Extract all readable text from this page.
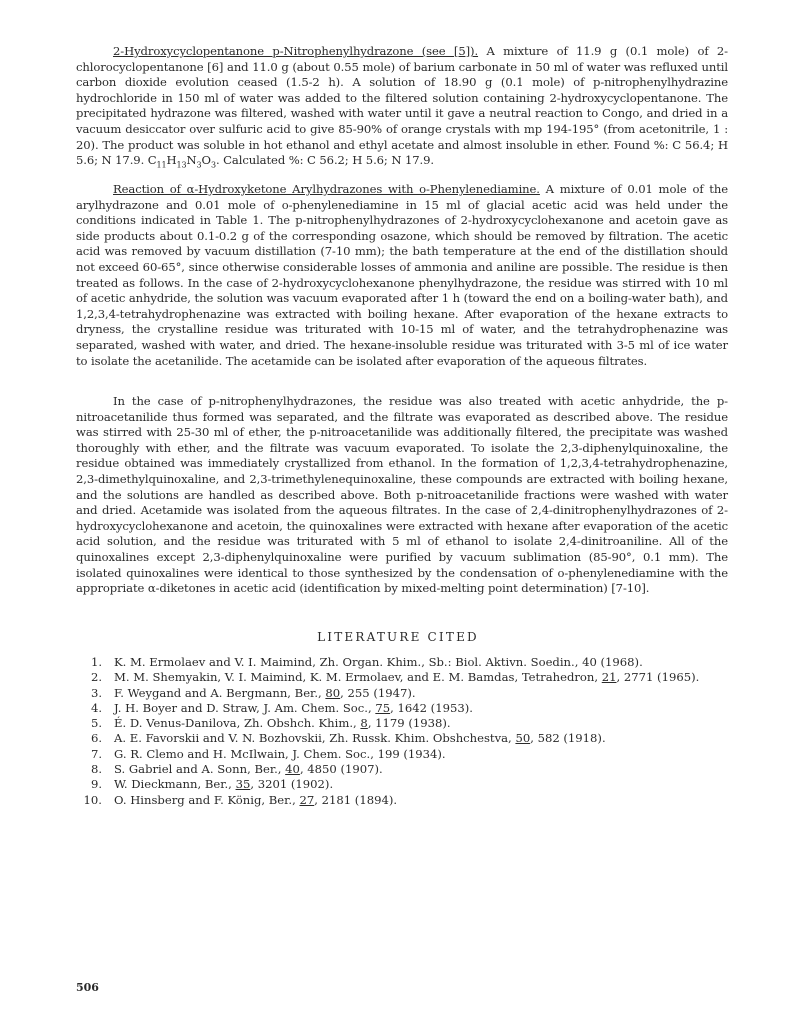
2-Hydroxycyclopentanone p-Nitrophenylhydrazone (see [5]). A mixture of 11.9 g (0.1 mole) of 2-chlorocyclopentanone [6] and 11.0 g (about 0.55 mole) of barium carbonate in 50 ml of water was refluxed until carbon dioxide evolution ceased (1.5-2 h). A solution of 18.90 g (0.1 mole) of p-nitrophenylhydrazine hydrochloride in 150 ml of water was added to the filtered solution containing 2-hydroxycyclopentanone. The precipitated hydrazone was filtered, washed with water until it gave a neutral reaction to Congo, and dried in a vacuum desiccator over sulfuric acid to give 85-90% of orange crystals with mp 194-195° (from acetonitrile, 1 : 20). The product was soluble in hot ethanol and ethyl acetate and almost insoluble in ether. Found %: C 56.4; H 5.6; N 17.9. $C_{11}H_{13}N_3O_3$. Calculated %: C 56.2; H 5.6; N 17.9.

Reaction of α-Hydroxyketone Arylhydrazones with o-Phenylenediamine. A mixture of 0.01 mole of the arylhydrazone and 0.01 mole of o-phenylenediamine in 15 ml of glacial acetic acid was held under the conditions indicated in Table 1. The p-nitrophenylhydrazones of 2-hydroxycyclohexanone and acetoin gave as side products about 0.1-0.2 g of the corresponding osazone, which should be removed by filtration. The acetic acid was removed by vacuum distillation (7-10 mm); the bath temperature at the end of the distillation should not exceed 60-65°, since otherwise considerable losses of ammonia and aniline are possible. The residue is then treated as follows. In the case of 2-hydroxycyclohexanone phenylhydrazone, the residue was stirred with 10 ml of acetic anhydride, the solution was vacuum evaporated after 1 h (toward the end on a boiling-water bath), and 1,2,3,4-tetrahydrophenazine was extracted with boiling hexane. After evaporation of the hexane extracts to dryness, the crystalline residue was triturated with 10-15 ml of water, and the tetrahydrophenazine was separated, washed with water, and dried. The hexane-insoluble residue was triturated with 3-5 ml of ice water to isolate the acetanilide. The acetamide can be isolated after evaporation of the aqueous filtrates.

In the case of p-nitrophenylhydrazones, the residue was also treated with acetic anhydride, the p-nitroacetanilide thus formed was separated, and the filtrate was evaporated as described above. The residue was stirred with 25-30 ml of ether, the p-nitroacetanilide was additionally filtered, the precipitate was washed thoroughly with ether, and the filtrate was vacuum evaporated. To isolate the 2,3-diphenylquinoxaline, the residue obtained was immediately crystallized from ethanol. In the formation of 1,2,3,4-tetrahydrophenazine, 2,3-dimethylquinoxaline, and 2,3-trimethylenequinoxaline, these compounds are extracted with boiling hexane, and the solutions are handled as described above. Both p-nitroacetanilide fractions were washed with water and dried. Acetamide was isolated from the aqueous filtrates. In the case of 2,4-dinitrophenylhydrazones of 2-hydroxycyclohexanone and acetoin, the quinoxalines were extracted with hexane after evaporation of the acetic acid solution, and the residue was triturated with 5 ml of ethanol to isolate 2,4-dinitroaniline. All of the quinoxalines except 2,3-diphenylquinoxaline were purified by vacuum sublimation (85-90°, 0.1 mm). The isolated quinoxalines were identical to those synthesized by the condensation of o-phenylenediamine with the appropriate α-diketones in acetic acid (identification by mixed-melting point determination) [7-10].

LITERATURE CITED
1. K. M. Ermolaev and V. I. Maimind, Zh. Organ. Khim., Sb.: Biol. Aktivn. Soedin., 40 (1968).
2. M. M. Shemyakin, V. I. Maimind, K. M. Ermolaev, and E. M. Bamdas, Tetrahedron, 21, 2771 (1965).
3. F. Weygand and A. Bergmann, Ber., 80, 255 (1947).
4. J. H. Boyer and D. Straw, J. Am. Chem. Soc., 75, 1642 (1953).
5. É. D. Venus-Danilova, Zh. Obshch. Khim., 8, 1179 (1938).
6. A. E. Favorskii and V. N. Bozhovskii, Zh. Russk. Khim. Obshchestva, 50, 582 (1918).
7. G. R. Clemo and H. McIlwain, J. Chem. Soc., 199 (1934).
8. S. Gabriel and A. Sonn, Ber., 40, 4850 (1907).
9. W. Dieckmann, Ber., 35, 3201 (1902).
10. O. Hinsberg and F. König, Ber., 27, 2181 (1894).
506
